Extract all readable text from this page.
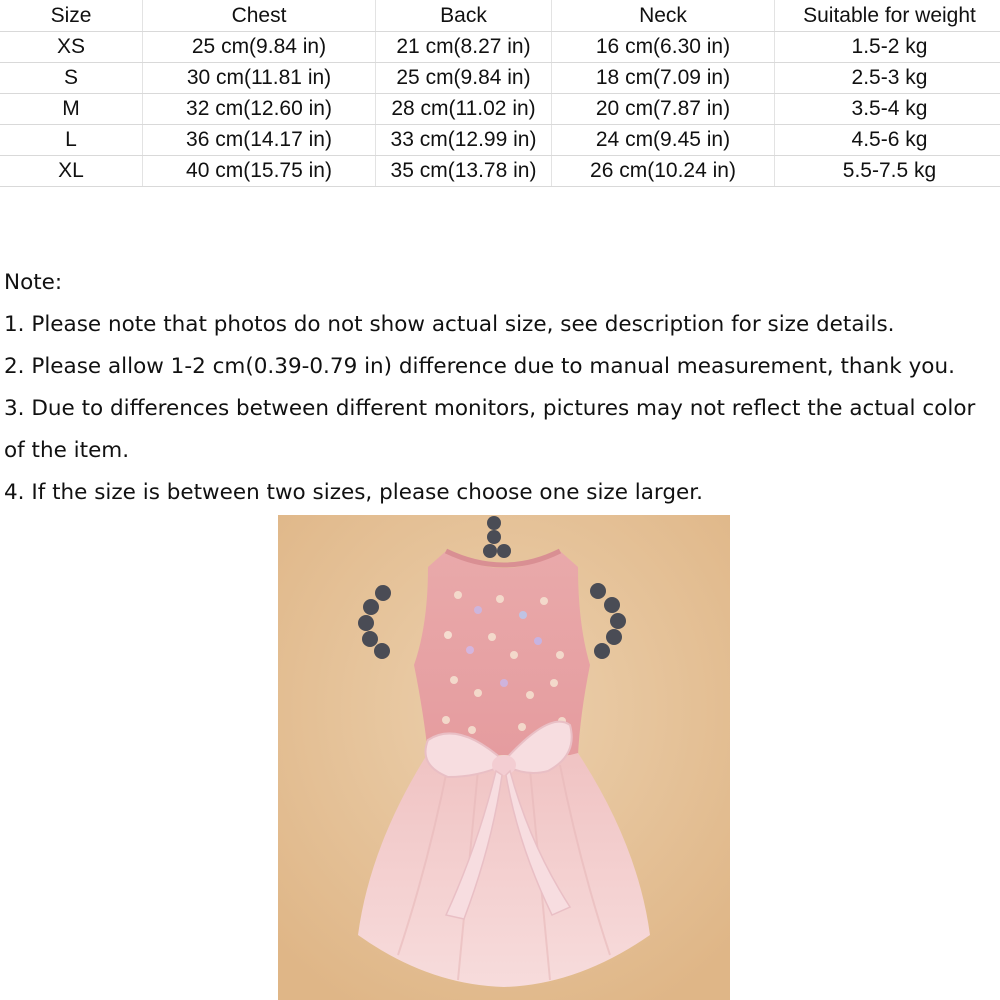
Size	Chest	Back	Neck	Suitable for weight
XS	25 cm(9.84 in)	21 cm(8.27 in)	16 cm(6.30 in)	1.5-2 kg
S	30 cm(11.81 in)	25 cm(9.84 in)	18 cm(7.09 in)	2.5-3 kg
M	32 cm(12.60 in)	28 cm(11.02 in)	20 cm(7.87 in)	3.5-4 kg
L	36 cm(14.17 in)	33 cm(12.99 in)	24 cm(9.45 in)	4.5-6 kg
XL	40 cm(15.75 in)	35 cm(13.78 in)	26 cm(10.24 in)	5.5-7.5 kg

Note:

1. Please note that photos do not show actual size, see description for size details.

2. Please allow 1-2 cm(0.39-0.79 in) difference due to manual measurement, thank you.

3. Due to differences between different monitors, pictures may not reflect the actual color of the item.

4. If the size is between two sizes, please choose one size larger.
